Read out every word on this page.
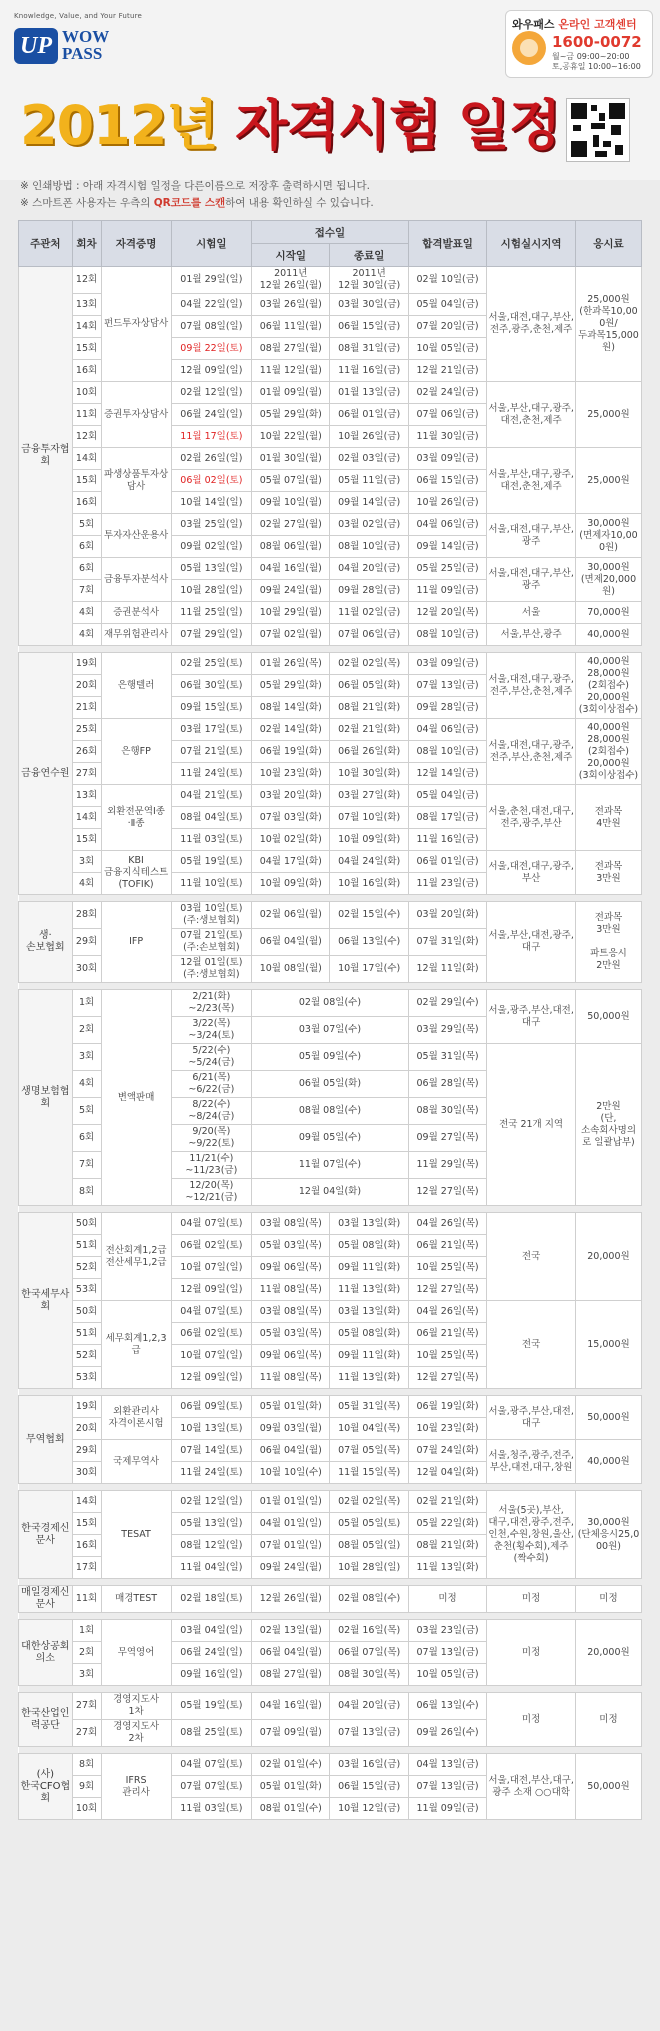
Knowledge, Value, and Your Future
UP WOW
PASS
와우패스 온라인 고객센터
1600-0072
월~금 09:00~20:00
토,공휴일 10:00~16:00
2012년 자격시험 일정
※ 인쇄방법 : 아래 자격시험 일정을 다른이름으로 저장후 출력하시면 됩니다.
※ 스마트폰 사용자는 우측의 QR코드를 스캔하여 내용 확인하실 수 있습니다.
주관처	회차	자격증명	시험일	접수일		합격발표일	시험실시지역	응시료
				시작일	종료일			
금융투자협회	12회	펀드투자상담사	01월 29일(일)	2011년
12월 26일(월)	2011년
12월 30일(금)	02월 10일(금)	서울,대전,대구,부산,전주,광주,춘천,제주	25,000원
(한과목10,000원/두과목15,000원)
	13회		04월 22일(일)	03월 26일(월)	03월 30일(금)	05월 04일(금)		
	14회		07월 08일(일)	06월 11일(월)	06월 15일(금)	07월 20일(금)		
	15회		09월 22일(토)	08월 27일(월)	08월 31일(금)	10월 05일(금)		
	16회		12월 09일(일)	11월 12일(월)	11월 16일(금)	12월 21일(금)		
	10회	증권투자상담사	02월 12일(일)	01월 09일(월)	01월 13일(금)	02월 24일(금)	서울,부산,대구,광주,대전,춘천,제주	25,000원
	11회		06월 24일(일)	05월 29일(화)	06월 01일(금)	07월 06일(금)		
	12회		11월 17일(토)	10월 22일(월)	10월 26일(금)	11월 30일(금)		
	14회	파생상품투자상담사	02월 26일(일)	01월 30일(월)	02월 03일(금)	03월 09일(금)	서울,부산,대구,광주,대전,춘천,제주	25,000원
	15회		06월 02일(토)	05월 07일(월)	05월 11일(금)	06월 15일(금)		
	16회		10월 14일(일)	09월 10일(월)	09월 14일(금)	10월 26일(금)		
	5회	투자자산운용사	03월 25일(일)	02월 27일(월)	03월 02일(금)	04월 06일(금)	서울,대전,대구,부산,광주	30,000원
(면제자10,000원)
	6회		09월 02일(일)	08월 06일(월)	08월 10일(금)	09월 14일(금)		
	6회	금융투자분석사	05월 13일(일)	04월 16일(월)	04월 20일(금)	05월 25일(금)	서울,대전,대구,부산,광주	30,000원
(면제20,000원)
	7회		10월 28일(일)	09월 24일(월)	09월 28일(금)	11월 09일(금)		
	4회	증권분석사	11월 25일(일)	10월 29일(월)	11월 02일(금)	12월 20일(목)	서울	70,000원
	4회	재무위험관리사	07월 29일(일)	07월 02일(월)	07월 06일(금)	08월 10일(금)	서울,부산,광주	40,000원

금융연수원	19회	은행텔러	02월 25일(토)	01월 26일(목)	02월 02일(목)	03월 09일(금)	서울,대전,대구,광주,전주,부산,춘천,제주	40,000원
28,000원(2회접수)
20,000원(3회이상접수)
	20회		06월 30일(토)	05월 29일(화)	06월 05일(화)	07월 13일(금)		
	21회		09월 15일(토)	08월 14일(화)	08월 21일(화)	09월 28일(금)		
	25회	은행FP	03월 17일(토)	02월 14일(화)	02월 21일(화)	04월 06일(금)	서울,대전,대구,광주,전주,부산,춘천,제주	40,000원
28,000원(2회접수)
20,000원(3회이상접수)
	26회		07월 21일(토)	06월 19일(화)	06월 26일(화)	08월 10일(금)		
	27회		11월 24일(토)	10월 23일(화)	10월 30일(화)	12월 14일(금)		
	13회	외환전문역Ⅰ종·Ⅱ종	04월 21일(토)	03월 20일(화)	03월 27일(화)	05월 04일(금)	서울,춘천,대전,대구,전주,광주,부산	전과목
4만원
	14회		08월 04일(토)	07월 03일(화)	07월 10일(화)	08월 17일(금)		
	15회		11월 03일(토)	10월 02일(화)	10월 09일(화)	11월 16일(금)		
	3회	KBI
금융지식테스트
(TOFIK)	05월 19일(토)	04월 17일(화)	04월 24일(화)	06월 01일(금)	서울,대전,대구,광주,부산	전과목
3만원
	4회		11월 10일(토)	10월 09일(화)	10월 16일(화)	11월 23일(금)		

생·손보협회	28회	IFP	03월 10일(토)
(주:생보협회)	02월 06일(월)	02월 15일(수)	03월 20일(화)	서울,부산,대전,광주,대구	전과목
3만원

파트응시
2만원
	29회		07월 21일(토)
(주:손보협회)	06월 04일(월)	06월 13일(수)	07월 31일(화)		
	30회		12월 01일(토)
(주:생보협회)	10월 08일(월)	10월 17일(수)	12월 11일(화)		

생명보험협회	1회	변액판매	2/21(화)
~2/23(목)	02월 08일(수)		02월 29일(수)	서울,광주,부산,대전,대구	50,000원
	2회		3/22(목)
~3/24(토)	03월 07일(수)		03월 29일(목)		
	3회		5/22(수)
~5/24(금)	05월 09일(수)		05월 31일(목)	전국 21개 지역	2만원
(단,소속회사명의로 일괄납부)
	4회		6/21(목)
~6/22(금)	06월 05일(화)		06월 28일(목)		
	5회		8/22(수)
~8/24(금)	08월 08일(수)		08월 30일(목)		
	6회		9/20(목)
~9/22(토)	09월 05일(수)		09월 27일(목)		
	7회		11/21(수)
~11/23(금)	11월 07일(수)		11월 29일(목)		
	8회		12/20(목)
~12/21(금)	12월 04일(화)		12월 27일(목)		

한국세무사회	50회	전산회계1,2급
전산세무1,2급	04월 07일(토)	03월 08일(목)	03월 13일(화)	04월 26일(목)	전국	20,000원
	51회		06월 02일(토)	05월 03일(목)	05월 08일(화)	06월 21일(목)		
	52회		10월 07일(일)	09월 06일(목)	09월 11일(화)	10월 25일(목)		
	53회		12월 09일(일)	11월 08일(목)	11월 13일(화)	12월 27일(목)		
	50회	세무회계1,2,3급	04월 07일(토)	03월 08일(목)	03월 13일(화)	04월 26일(목)	전국	15,000원
	51회		06월 02일(토)	05월 03일(목)	05월 08일(화)	06월 21일(목)		
	52회		10월 07일(일)	09월 06일(목)	09월 11일(화)	10월 25일(목)		
	53회		12월 09일(일)	11월 08일(목)	11월 13일(화)	12월 27일(목)		

무역협회	19회	외환관리사
자격이론시험	06월 09일(토)	05월 01일(화)	05월 31일(목)	06월 19일(화)	서울,광주,부산,대전,대구	50,000원
	20회		10월 13일(토)	09월 03일(월)	10월 04일(목)	10월 23일(화)		
	29회	국제무역사	07월 14일(토)	06월 04일(월)	07월 05일(목)	07월 24일(화)	서울,청주,광주,전주,부산,대전,대구,창원	40,000원
	30회		11월 24일(토)	10월 10일(수)	11월 15일(목)	12월 04일(화)		

한국경제신문사	14회	TESAT	02월 12일(일)	01월 01일(일)	02월 02일(목)	02월 21일(화)	서울(5곳),부산,대구,대전,광주,전주,인천,수원,창원,울산,춘천(횡수회),제주(짝수회)	30,000원
(단체응시25,000원)
	15회		05월 13일(일)	04월 01일(일)	05월 05일(토)	05월 22일(화)		
	16회		08월 12일(일)	07월 01일(일)	08월 05일(일)	08월 21일(화)		
	17회		11월 04일(일)	09월 24일(월)	10월 28일(일)	11월 13일(화)		

매일경제신문사	11회	매경TEST	02월 18일(토)	12월 26일(월)	02월 08일(수)	미정	미정	미정

대한상공회의소	1회	무역영어	03월 04일(일)	02월 13일(월)	02월 16일(목)	03월 23일(금)	미정	20,000원
	2회		06월 24일(일)	06월 04일(월)	06월 07일(목)	07월 13일(금)		
	3회		09월 16일(일)	08월 27일(월)	08월 30일(목)	10월 05일(금)		

한국산업인력공단	27회	경영지도사
1차	05월 19일(토)	04월 16일(월)	04월 20일(금)	06월 13일(수)	미정	미정
	27회	경영지도사
2차	08월 25일(토)	07월 09일(월)	07월 13일(금)	09월 26일(수)		

(사)한국CFO협회	8회	IFRS
관리사	04월 07일(토)	02월 01일(수)	03월 16일(금)	04월 13일(금)	서울,대전,부산,대구,광주 소재 ○○대학	50,000원
	9회		07월 07일(토)	05월 01일(화)	06월 15일(금)	07월 13일(금)		
	10회		11월 03일(토)	08월 01일(수)	10월 12일(금)	11월 09일(금)		
